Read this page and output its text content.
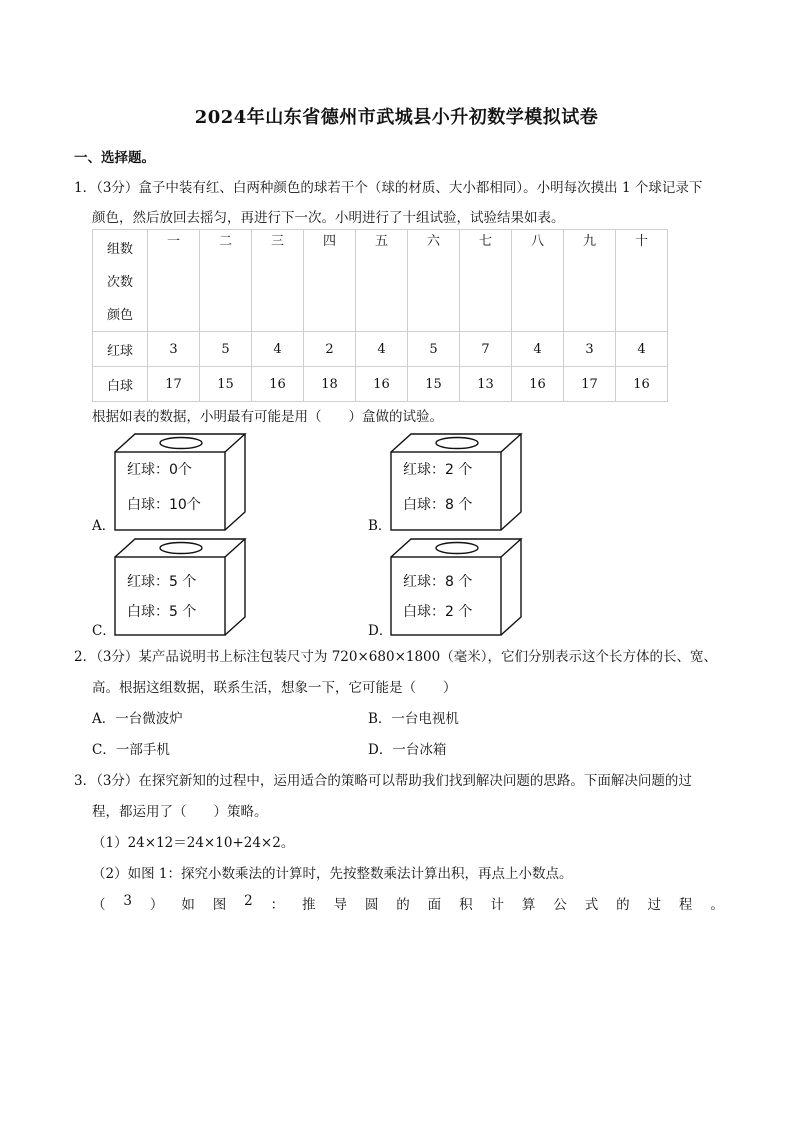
2024年山东省德州市武城县小升初数学模拟试卷
一、选择题。
1．（3分）盒子中装有红、白两种颜色的球若干个（球的材质、大小都相同）。小明每次摸出 1 个球记录下
颜色，然后放回去摇匀，再进行下一次。小明进行了十组试验，试验结果如表。
组数
次数
颜色	一	二	三	四	五	六	七	八	九	十
红球	3	5	4	2	4	5	7	4	3	4
白球	17	15	16	18	16	15	13	16	17	16
根据如表的数据，小明最有可能是用（　　）盒做的试验。
A．
红球：0个
白球：10个
B．
红球：2 个
白球：8 个
C．
红球：5 个
白球：5 个
D．
红球：8 个
白球：2 个
2．（3分）某产品说明书上标注包装尺寸为 720×680×1800（毫米），它们分别表示这个长方体的长、宽、
高。根据这组数据，联系生活，想象一下，它可能是（　　）
A．一台微波炉	B．一台电视机
C．一部手机	D．一台冰箱
3．（3分）在探究新知的过程中，运用适合的策略可以帮助我们找到解决问题的思路。下面解决问题的过
程，都运用了（　　）策略。
（1）24×12＝24×10+24×2。
（2）如图 1：探究小数乘法的计算时，先按整数乘法计算出积，再点上小数点。
（ 3 ） 如 图 2 ： 推 导 圆 的 面 积 计 算 公 式 的 过 程 。
